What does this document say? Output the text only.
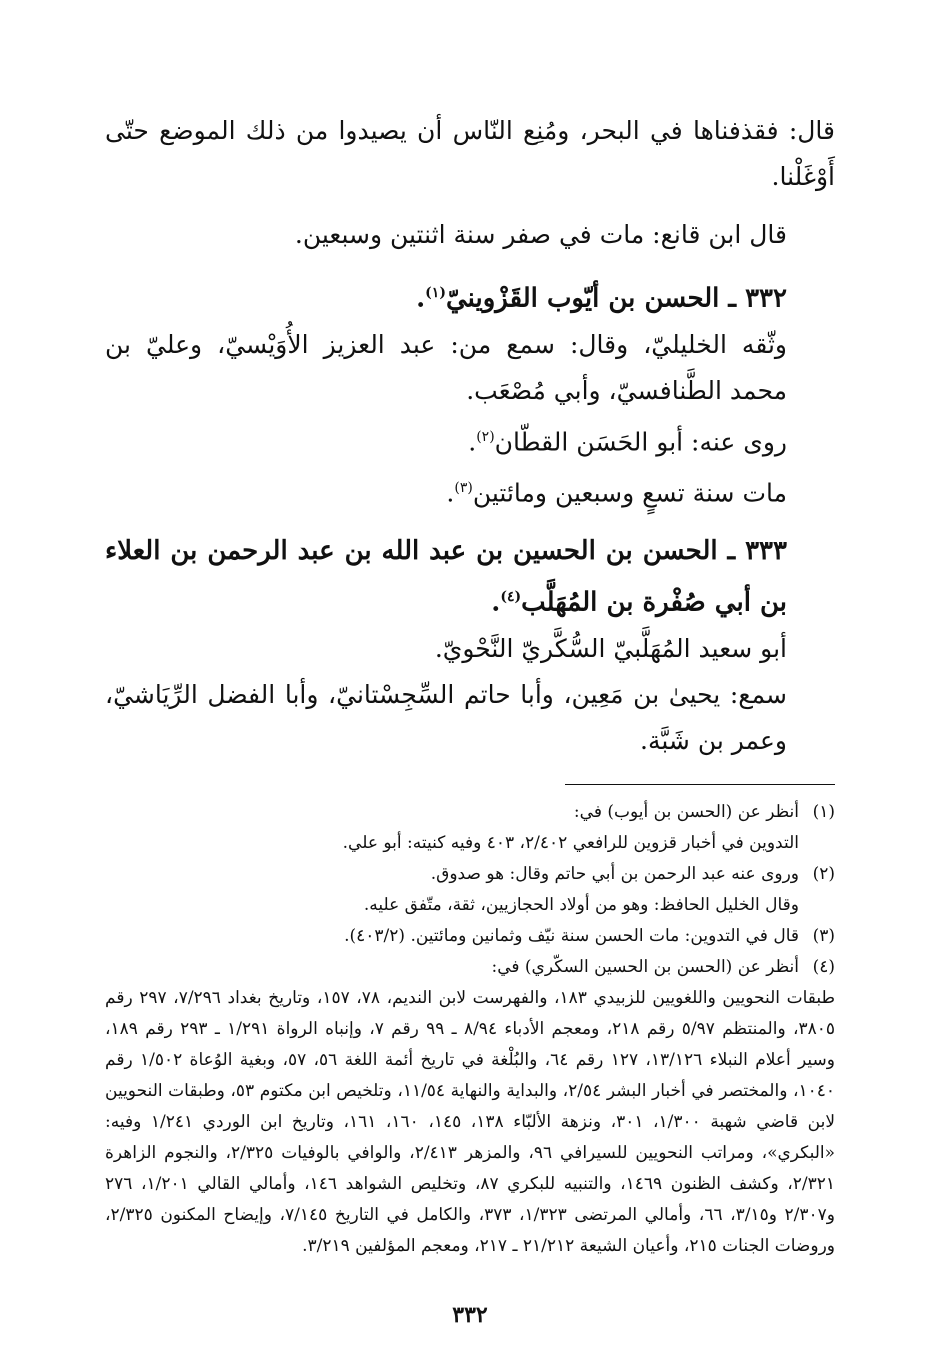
قال: فقذفناها في البحر، ومُنِع النّاس أن يصيدوا من ذلك الموضع حتّى أَوْغَلْنا.

قال ابن قانع: مات في صفر سنة اثنتين وسبعين.

٣٣٢ ـ الحسن بن أيّوب القَزْوينيّ$^{(١)}$.

وثّقه الخليليّ، وقال: سمع من: عبد العزيز الأُوَيْسيّ، وعليّ بن محمد الطَّنافسيّ، وأبي مُصْعَب.

روى عنه: أبو الحَسَن القطّان$^{(٢)}$.

مات سنة تسعٍ وسبعين ومائتين$^{(٣)}$.

٣٣٣ ـ الحسن بن الحسين بن عبد الله بن عبد الرحمن بن العلاء بن أبي صُفْرة بن المُهَلَّب$^{(٤)}$.

أبو سعيد المُهَلَّبيّ السُّكَّريّ النَّحْويّ.

سمع: يحيىٰ بن مَعِين، وأبا حاتم السِّجِسْتانيّ، وأبا الفضل الرِّيَاشيّ، وعمر بن شَبَّة.

(١)

أنظر عن (الحسن بن أيوب) في:

التدوين في أخبار قزوين للرافعي ٢/٤٠٢، ٤٠٣ وفيه كنيته: أبو علي.

(٢)

وروى عنه عبد الرحمن بن أبي حاتم وقال: هو صدوق.

وقال الخليل الحافظ: وهو من أولاد الحجازيين، ثقة، متّفق عليه.

(٣)

قال في التدوين: مات الحسن سنة نيّف وثمانين ومائتين. (٤٠٣/٢).

(٤)

أنظر عن (الحسن بن الحسين السكّري) في:

طبقات النحويين واللغويين للزبيدي ١٨٣، والفهرست لابن النديم، ٧٨، ١٥٧، وتاريخ بغداد ٧/٢٩٦، ٢٩٧ رقم ٣٨٠٥، والمنتظم ٥/٩٧ رقم ٢١٨، ومعجم الأدباء ٨/٩٤ ـ ٩٩ رقم ٧، وإنباه الرواة ١/٢٩١ ـ ٢٩٣ رقم ١٨٩، وسير أعلام النبلاء ١٣/١٢٦، ١٢٧ رقم ٦٤، والبُلْغة في تاريخ أئمة اللغة ٥٦، ٥٧، وبغية الوُعاة ١/٥٠٢ رقم ١٠٤٠، والمختصر في أخبار البشر ٢/٥٤، والبداية والنهاية ١١/٥٤، وتلخيص ابن مكتوم ٥٣، وطبقات النحويين لابن قاضي شهبة ١/٣٠٠، ٣٠١، ونزهة الألبّاء ١٣٨، ١٤٥، ١٦٠، ١٦١، وتاريخ ابن الوردي ١/٢٤١ وفيه: «البكري»، ومراتب النحويين للسيرافي ٩٦، والمزهر ٢/٤١٣، والوافي بالوفيات ٢/٣٢٥، والنجوم الزاهرة ٢/٣٢١، وكشف الظنون ١٤٦٩، والتنبيه للبكري ٨٧، وتخليص الشواهد ١٤٦، وأمالي القالي ١/٢٠١، ٢٧٦ و٢/٣٠٧ و٣/١٥، ٦٦، وأمالي المرتضى ١/٣٢٣، ٣٧٣، والكامل في التاريخ ٧/١٤٥، وإيضاح المكنون ٢/٣٢٥، وروضات الجنات ٢١٥، وأعيان الشيعة ٢١/٢١٢ ـ ٢١٧، ومعجم المؤلفين ٣/٢١٩.

٣٣٢
